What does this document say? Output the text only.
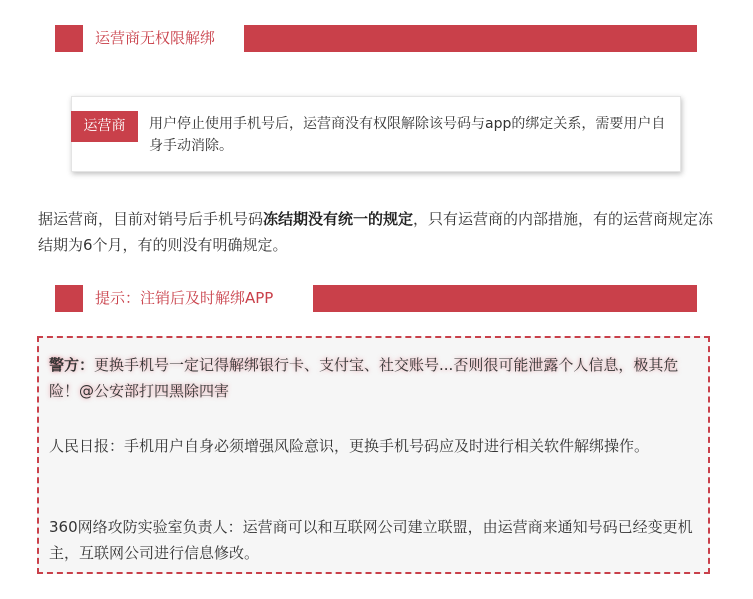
运营商无权限解绑
运营商	用户停止使用手机号后，运营商没有权限解除该号码与app的绑定关系，需要用户自身手动消除。
据运营商，目前对销号后手机号码冻结期没有统一的规定，只有运营商的内部措施，有的运营商规定冻结期为6个月，有的则没有明确规定。
提示：注销后及时解绑APP
警方：更换手机号一定记得解绑银行卡、支付宝、社交账号...否则很可能泄露个人信息，极其危险！@公安部打四黑除四害
人民日报：手机用户自身必须增强风险意识，更换手机号码应及时进行相关软件解绑操作。
360网络攻防实验室负责人：运营商可以和互联网公司建立联盟，由运营商来通知号码已经变更机主，互联网公司进行信息修改。
